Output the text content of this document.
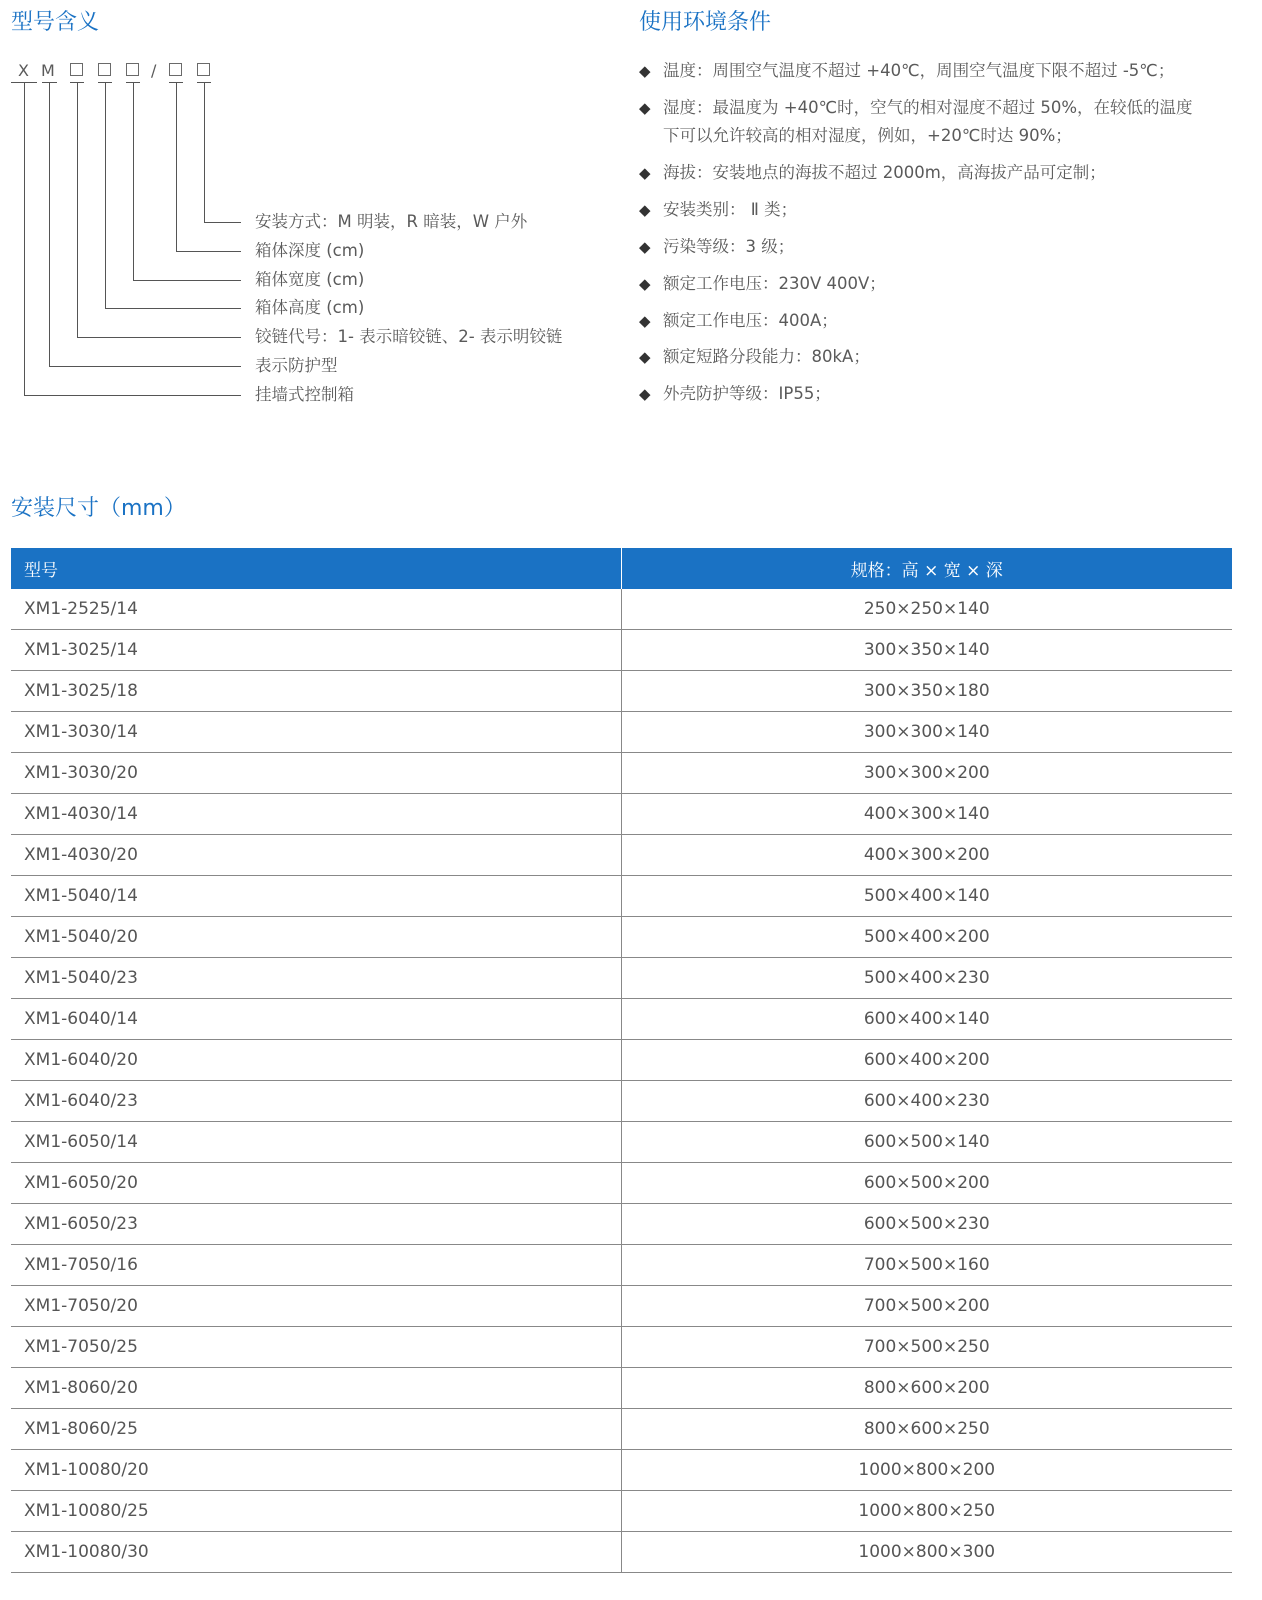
型号含义	使用环境条件
X M	/
安装方式：M 明装，R 暗装，W 户外
箱体深度 (cm)
箱体宽度 (cm)
箱体高度 (cm)
铰链代号：1- 表示暗铰链、2- 表示明铰链
表示防护型
挂墙式控制箱
◆ 温度：周围空气温度不超过 +40℃，周围空气温度下限不超过 -5℃；
◆ 湿度：最温度为 +40℃时，空气的相对湿度不超过 50%，在较低的温度
下可以允许较高的相对湿度，例如，+20℃时达 90%；
◆ 海拔：安装地点的海拔不超过 2000m，高海拔产品可定制；
◆ 安装类别： Ⅱ 类；
◆ 污染等级：3 级；
◆ 额定工作电压：230V 400V；
◆ 额定工作电压：400A；
◆ 额定短路分段能力：80kA；
◆ 外壳防护等级：IP55；
安装尺寸（mm）
型号	规格：高 × 宽 × 深
XM1-2525/14	250×250×140
XM1-3025/14	300×350×140
XM1-3025/18	300×350×180
XM1-3030/14	300×300×140
XM1-3030/20	300×300×200
XM1-4030/14	400×300×140
XM1-4030/20	400×300×200
XM1-5040/14	500×400×140
XM1-5040/20	500×400×200
XM1-5040/23	500×400×230
XM1-6040/14	600×400×140
XM1-6040/20	600×400×200
XM1-6040/23	600×400×230
XM1-6050/14	600×500×140
XM1-6050/20	600×500×200
XM1-6050/23	600×500×230
XM1-7050/16	700×500×160
XM1-7050/20	700×500×200
XM1-7050/25	700×500×250
XM1-8060/20	800×600×200
XM1-8060/25	800×600×250
XM1-10080/20	1000×800×200
XM1-10080/25	1000×800×250
XM1-10080/30	1000×800×300
